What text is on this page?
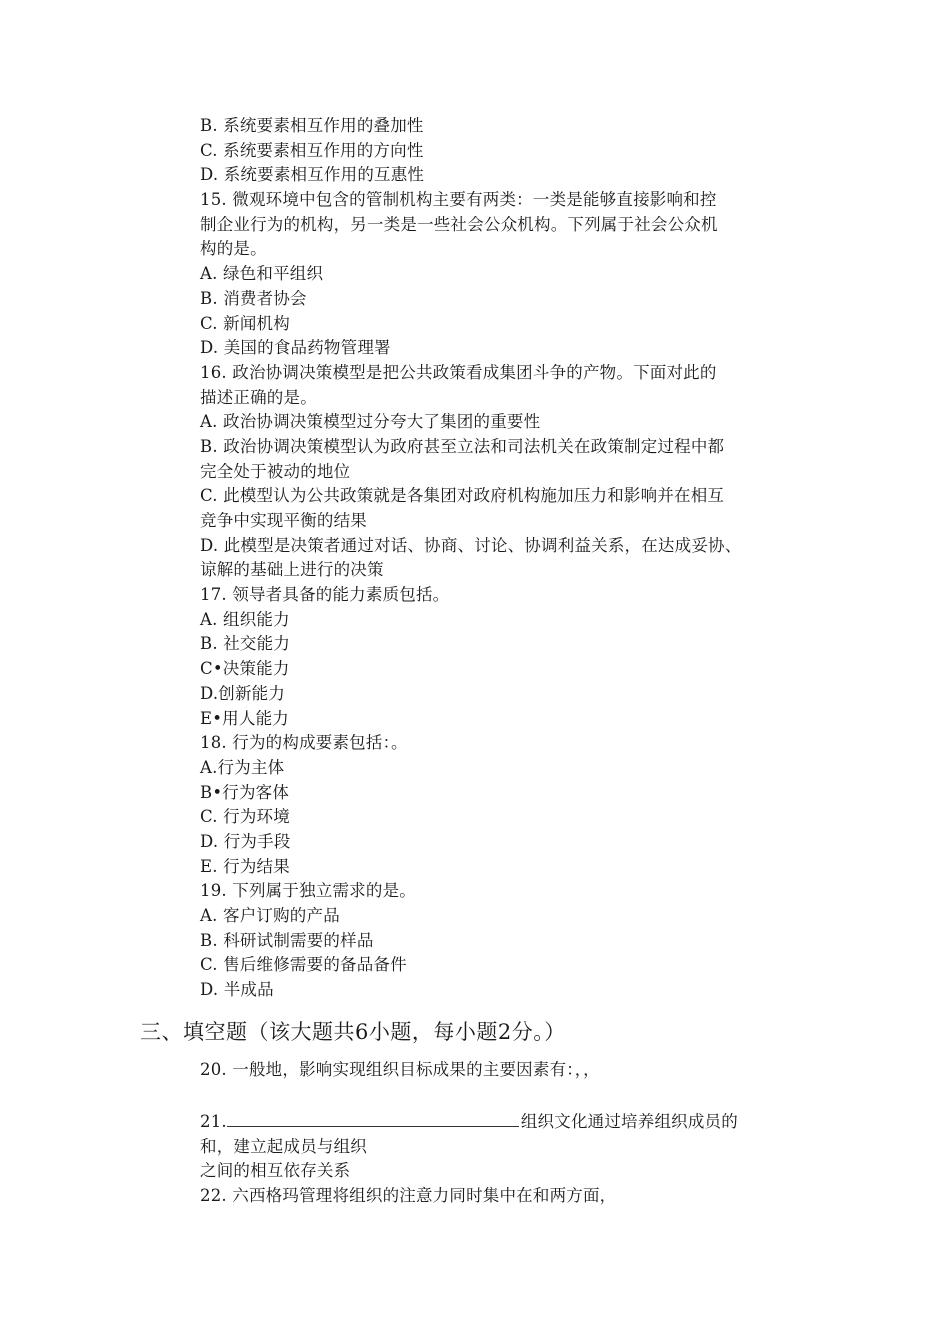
B. 系统要素相互作用的叠加性
C. 系统要素相互作用的方向性
D. 系统要素相互作用的互惠性
15. 微观环境中包含的管制机构主要有两类：一类是能够直接影响和控
制企业行为的机构，另一类是一些社会公众机构。下列属于社会公众机
构的是。
A. 绿色和平组织
B. 消费者协会
C. 新闻机构
D. 美国的食品药物管理署
16. 政治协调决策模型是把公共政策看成集团斗争的产物。下面对此的
描述正确的是。
A. 政治协调决策模型过分夸大了集团的重要性
B. 政治协调决策模型认为政府甚至立法和司法机关在政策制定过程中都
完全处于被动的地位
C. 此模型认为公共政策就是各集团对政府机构施加压力和影响并在相互
竞争中实现平衡的结果
D. 此模型是决策者通过对话、协商、讨论、协调利益关系，在达成妥协、
谅解的基础上进行的决策
17. 领导者具备的能力素质包括。
A. 组织能力
B. 社交能力
C•决策能力
D.创新能力
E•用人能力
18. 行为的构成要素包括：。
A.行为主体
B•行为客体
C. 行为环境
D. 行为手段
E. 行为结果
19. 下列属于独立需求的是。
A. 客户订购的产品
B. 科研试制需要的样品
C. 售后维修需要的备品备件
D. 半成品
三、填空题（该大题共6小题，每小题2分。）
20. 一般地，影响实现组织目标成果的主要因素有：，，
21.	组织文化通过培养组织成员的
和，建立起成员与组织
之间的相互依存关系
22. 六西格玛管理将组织的注意力同时集中在和两方面，
